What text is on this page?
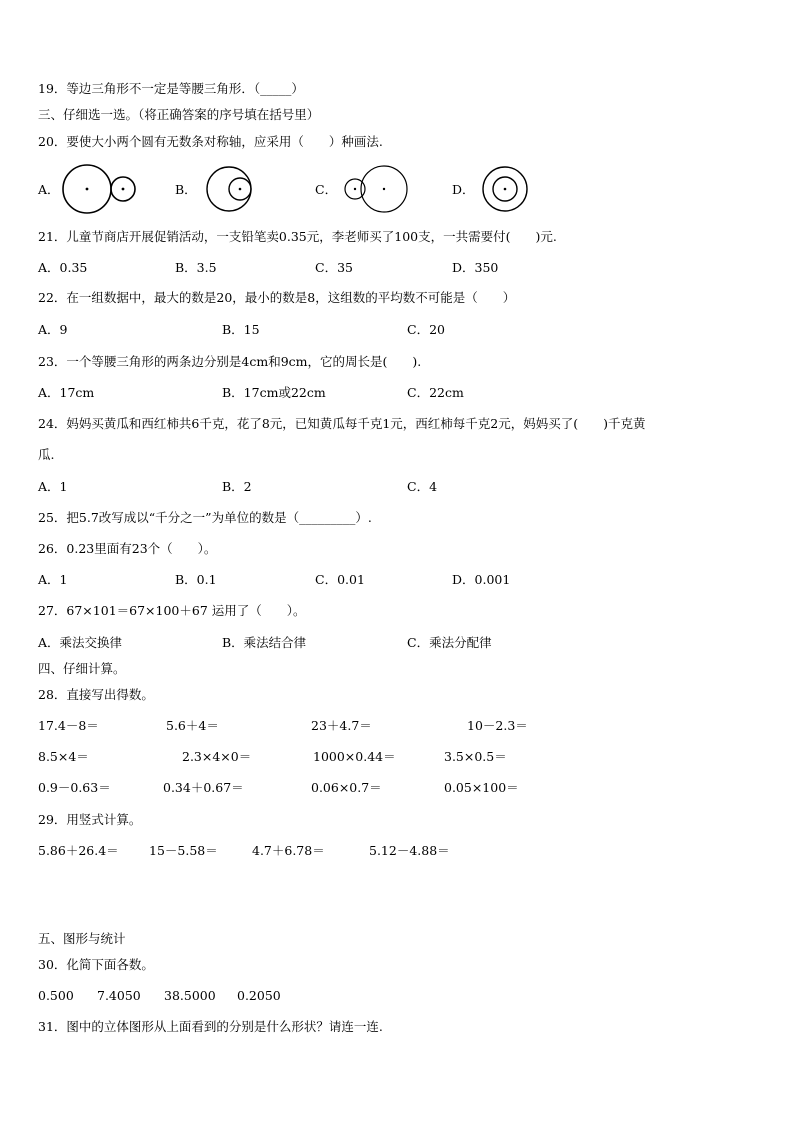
19．等边三角形不一定是等腰三角形．（_____）
三、仔细选一选。（将正确答案的序号填在括号里）
20．要使大小两个圆有无数条对称轴，应采用（　　）种画法.
A．	B．	C．	D．
21．儿童节商店开展促销活动，一支铅笔卖0.35元，李老师买了100支，一共需要付(　　)元.
A．0.35	B．3.5	C．35	D．350
22．在一组数据中，最大的数是20，最小的数是8，这组数的平均数不可能是（　　）
A．9	B．15	C．20
23．一个等腰三角形的两条边分别是4cm和9cm，它的周长是(　　).
A．17cm	B．17cm或22cm	C．22cm
24．妈妈买黄瓜和西红柿共6千克，花了8元，已知黄瓜每千克1元，西红柿每千克2元，妈妈买了(　　)千克黄
瓜.
A．1	B．2	C．4
25．把5.7改写成以“千分之一”为单位的数是（_________）.
26．0.23里面有23个（　　）。
A．1	B．0.1	C．0.01	D．0.001
27．67×101＝67×100＋67 运用了（　　）。
A．乘法交换律	B．乘法结合律	C．乘法分配律
四、仔细计算。
28．直接写出得数。
17.4－8＝	5.6＋4＝	23＋4.7＝	10－2.3＝
8.5×4＝	2.3×4×0＝	1000×0.44＝	3.5×0.5＝
0.9－0.63＝	0.34＋0.67＝	0.06×0.7＝	0.05×100＝
29．用竖式计算。
5.86＋26.4＝ 15－5.58＝	4.7＋6.78＝	5.12－4.88＝
五、图形与统计
30．化简下面各数。
0.500 7.4050 38.5000 0.2050
31．图中的立体图形从上面看到的分别是什么形状？请连一连.
